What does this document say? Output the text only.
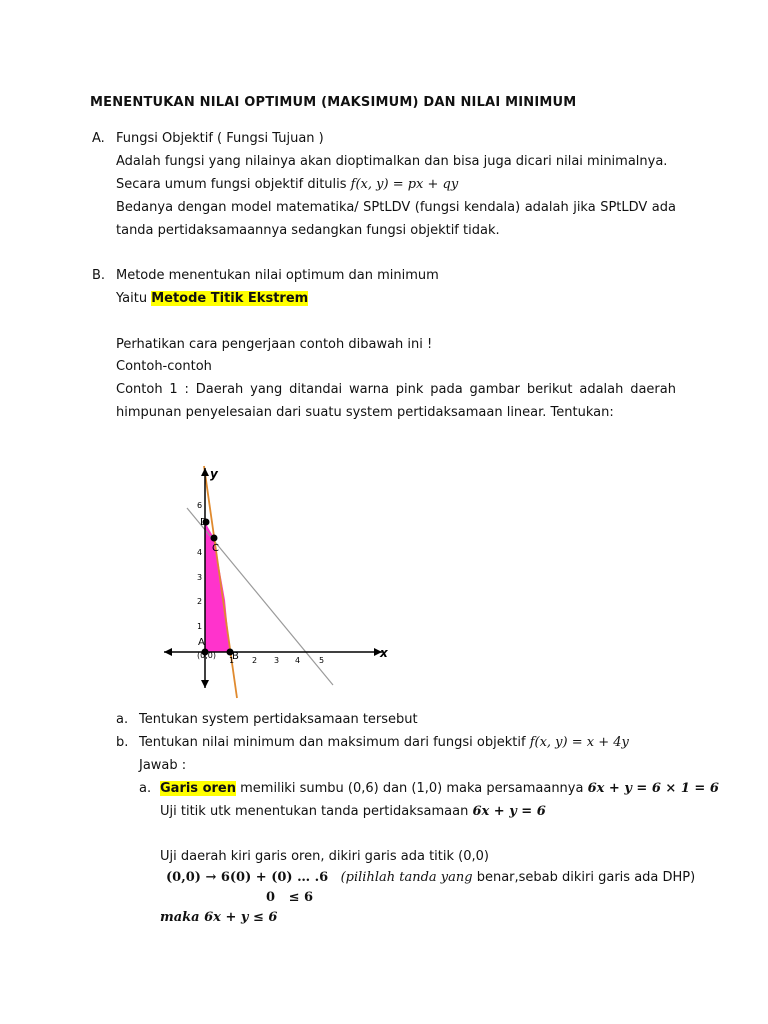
MENENTUKAN NILAI OPTIMUM (MAKSIMUM) DAN NILAI MINIMUM
A. Fungsi Objektif ( Fungsi Tujuan )
Adalah fungsi yang nilainya akan dioptimalkan dan bisa juga dicari nilai minimalnya.
Secara umum fungsi objektif ditulis f(x, y) = px + qy
Bedanya dengan model matematika/ SPtLDV (fungsi kendala) adalah jika SPtLDV ada
tanda pertidaksamaannya sedangkan fungsi objektif tidak.
B. Metode menentukan nilai optimum dan minimum
Yaitu Metode Titik Ekstrem
Perhatikan cara pengerjaan contoh dibawah ini !
Contoh-contoh
Contoh 1 : Daerah yang ditandai warna pink pada gambar berikut adalah daerah
himpunan penyelesaian dari suatu system pertidaksamaan linear. Tentukan:
x
y
1 2 3 4 5
1
2
3
4
6
A
(0,0) B
C
D
a. Tentukan system pertidaksamaan tersebut
b. Tentukan nilai minimum dan maksimum dari fungsi objektif f(x, y) = x + 4y
Jawab :
a. Garis oren memiliki sumbu (0,6) dan (1,0) maka persamaannya 6x + y = 6 × 1 = 6
Uji titik utk menentukan tanda pertidaksamaan 6x + y = 6
Uji daerah kiri garis oren, dikiri garis ada titik (0,0)
(0,0) → 6(0) + (0) … .6 (pilihlah tanda yang benar,sebab dikiri garis ada DHP)
0   ≤ 6
maka 6x + y ≤ 6
